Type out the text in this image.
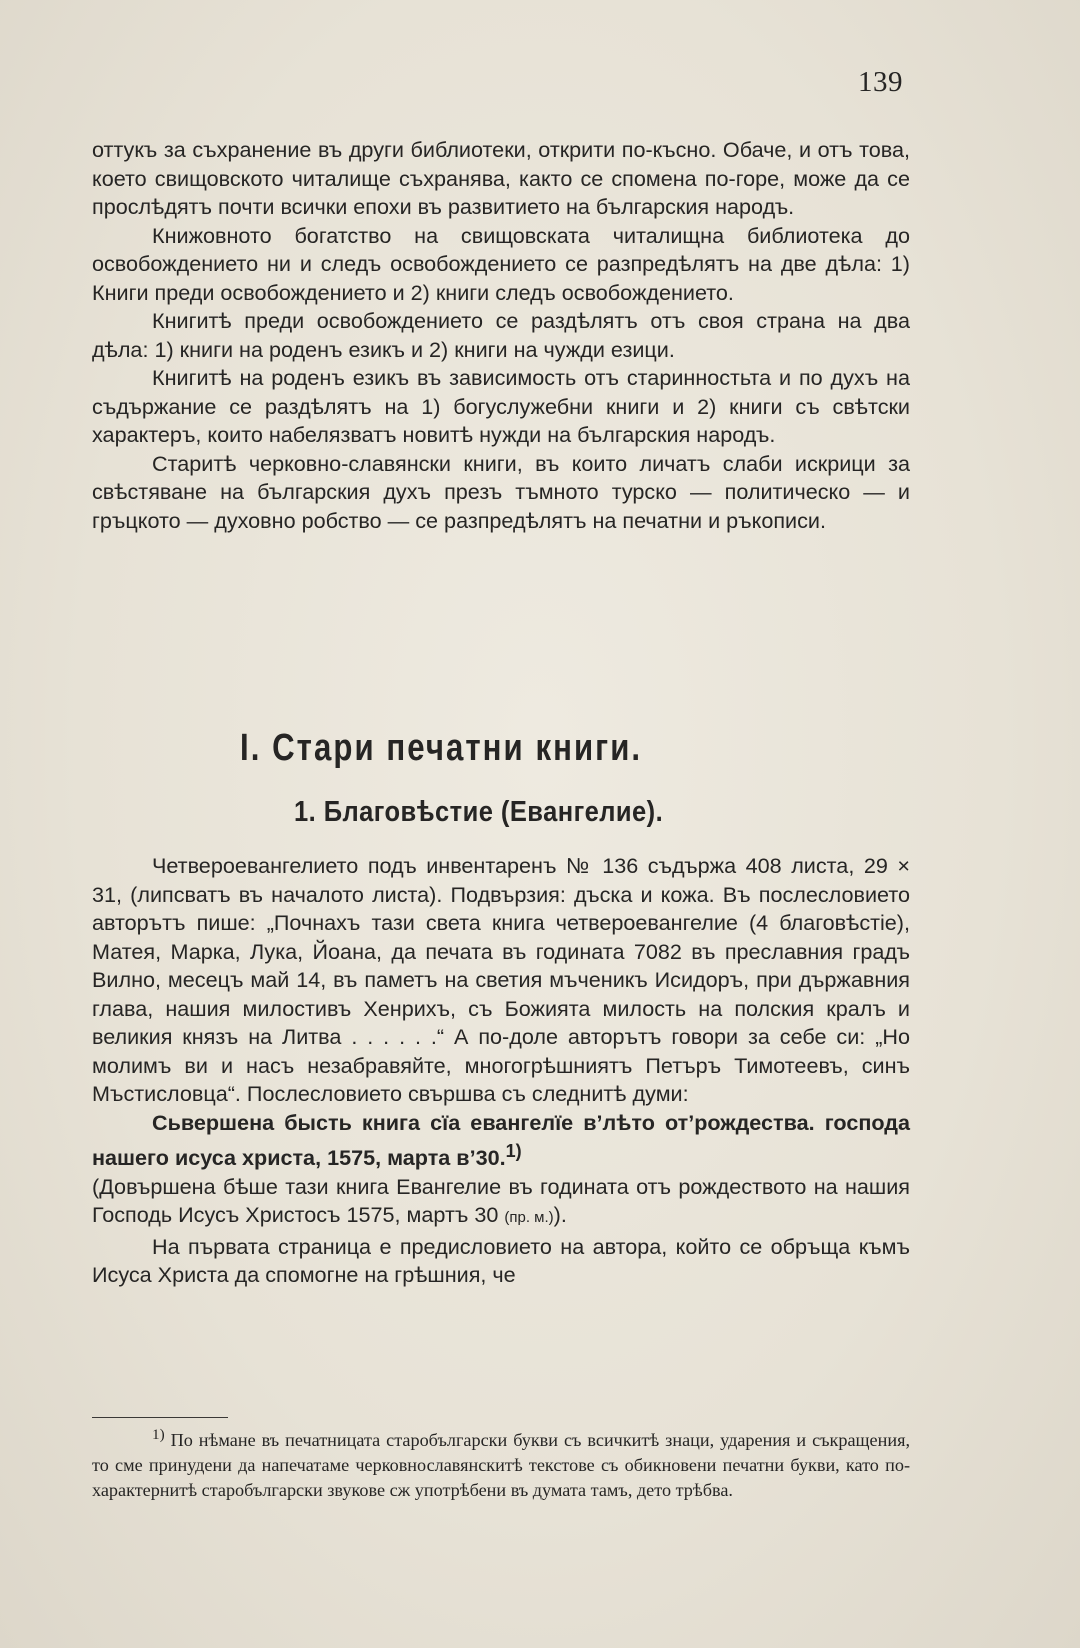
139

оттукъ за съхранение въ други библиотеки, открити по-късно. Обаче, и отъ това, което свищовското читалище съхранява, както се спомена по-горе, може да се прослѣдятъ почти всички епохи въ развитието на българския народъ.

Книжовното богатство на свищовската читалищна библиотека до освобождението ни и следъ освобождението се разпредѣлятъ на две дѣла: 1) Книги преди освобождението и 2) книги следъ освобождението.

Книгитѣ преди освобождението се раздѣлятъ отъ своя страна на два дѣла: 1) книги на роденъ езикъ и 2) книги на чужди езици.

Книгитѣ на роденъ езикъ въ зависимость отъ старинностьта и по духъ на съдържание се раздѣлятъ на 1) богуслужебни книги и 2) книги съ свѣтски характеръ, които набелязватъ новитѣ нужди на българския народъ.

Старитѣ черковно-славянски книги, въ които личатъ слаби искрици за свѣстяване на българския духъ презъ тъмното турско — политическо — и гръцкото — духовно робство — се разпредѣлятъ на печатни и ръкописи.

I. Стари печатни книги.
1. Благовѣстие (Евангелие).

Четвероевангелието подъ инвентаренъ № 136 съдържа 408 листа, 29 × 31, (липсватъ въ началото листа). Подвързия: дъска и кожа. Въ послесловието авторътъ пише: „Почнахъ тази света книга четвероевангелие (4 благовѣстiе), Матея, Марка, Лука, Йоана, да печата въ годината 7082 въ преславния градъ Вилно, месецъ май 14, въ паметъ на светия мъченикъ Исидоръ, при държавния глава, нашия милостивъ Хенрихъ, съ Божията милость на полския кралъ и великия князъ на Литва . . . . . .“ А по-доле авторътъ говори за себе си: „Но молимъ ви и насъ незабравяйте, многогрѣшниятъ Петъръ Тимотеевъ, синъ Мъстисловца“. Послесловието свършва съ следнитѣ думи:

Сьвершена бысть книга сїа евангелїе в’лѣто от’рождества. господа нашего исуса христа, 1575, марта в’30.$^{1)}$

(Довършена бѣше тази книга Евангелие въ годината отъ рождеството на нашия Господь Исусъ Христосъ 1575, мартъ 30 (пр. м.)).

На първата страница е предисловието на автора, който се обръща къмъ Исуса Христа да спомогне на грѣшния, че

$^{1)}$ По нѣмане въ печатницата старобългарски букви съ всичкитѣ знаци, ударения и съкращения, то сме принудени да напечатаме черковнославянскитѣ текстове съ обикновени печатни букви, като по-характернитѣ старобългарски звукове сж употрѣбени въ думата тамъ, дето трѣбва.
